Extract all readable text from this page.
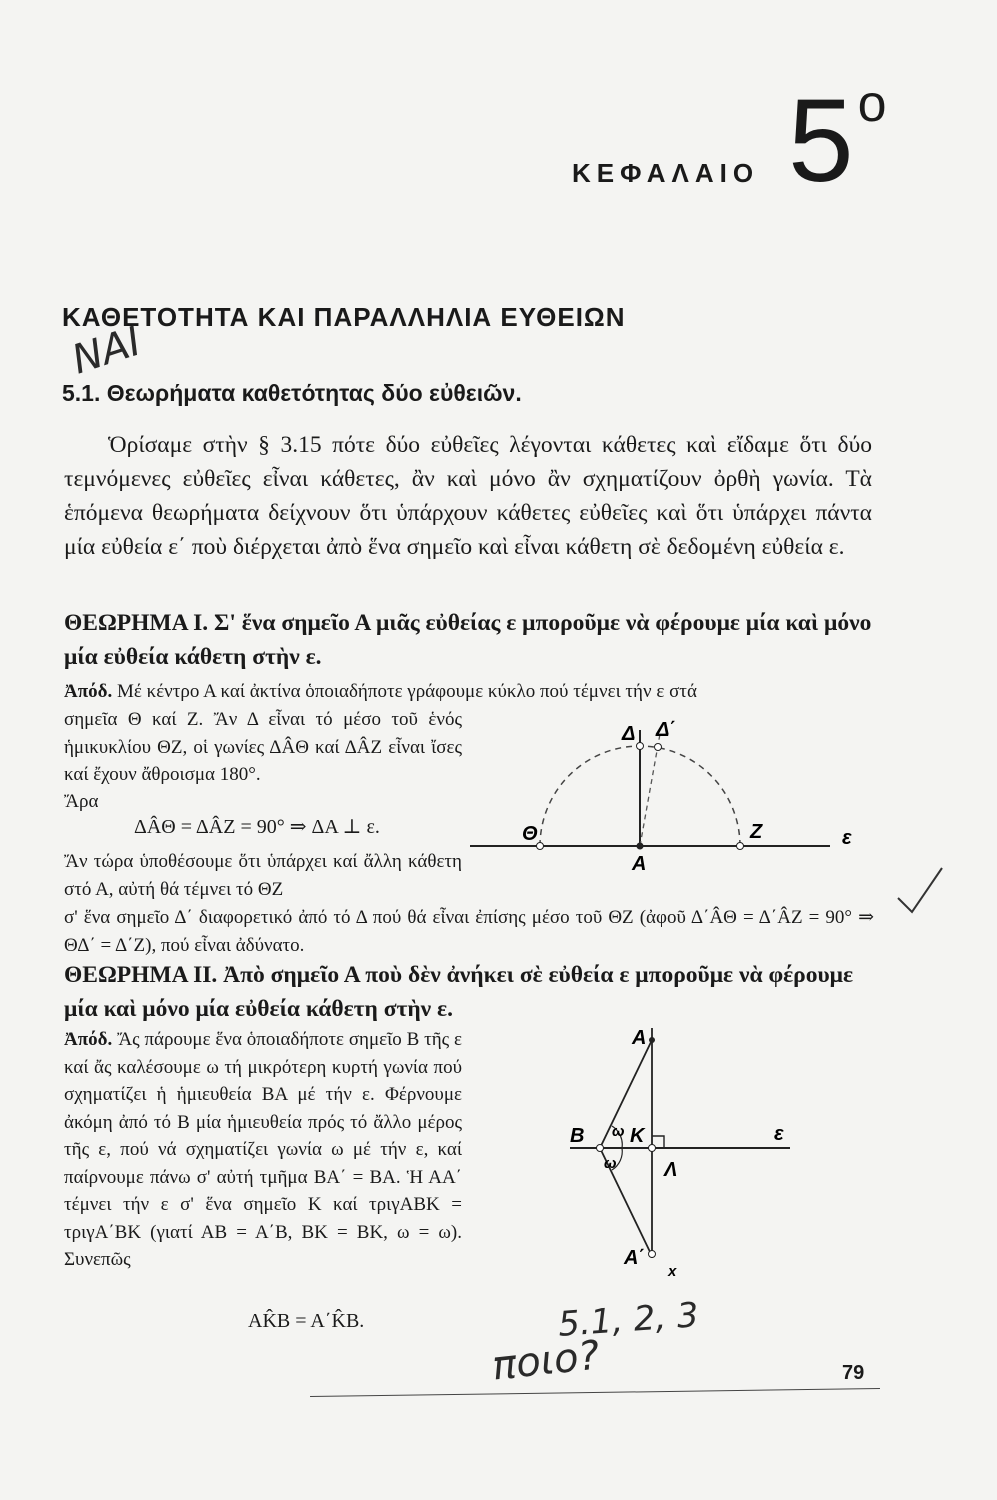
ΚΕΦΑΛΑΙΟ $5^o$
ΚΑΘΕΤΟΤΗΤΑ ΚΑΙ ΠΑΡΑΛΛΗΛΙΑ ΕΥΘΕΙΩΝ
ΝΑΙ
5.1. Θεωρήματα καθετότητας δύο εὐθειῶν.
Ὁρίσαμε στὴν § 3.15 πότε δύο εὐθεῖες λέγονται κάθετες καὶ εἴδαμε ὅτι δύο τεμνόμενες εὐθεῖες εἶναι κάθετες, ἂν καὶ μόνο ἂν σχηματίζουν ὀρθὴ γωνία. Τὰ ἑπόμενα θεωρήματα δείχνουν ὅτι ὑπάρχουν κάθετες εὐθεῖες καὶ ὅτι ὑπάρχει πάντα μία εὐθεία ε΄ ποὺ διέρχεται ἀπὸ ἕνα σημεῖο καὶ εἶναι κάθετη σὲ δεδομένη εὐθεία ε.
ΘΕΩΡΗΜΑ Ι. Σ' ἕνα σημεῖο Α μιᾶς εὐθείας ε μποροῦμε νὰ φέρουμε μία καὶ μόνο μία εὐθεία κάθετη στὴν ε.
Ἀπόδ. Μέ κέντρο Α καί ἀκτίνα ὁποιαδήποτε γράφουμε κύκλο πού τέμνει τήν ε στά
σημεῖα Θ καί Ζ. Ἄν Δ εἶναι τό μέσο τοῦ ἑνός ἡμικυκλίου ΘΖ, οἱ γωνίες ΔÂΘ καί ΔÂZ εἶναι ἴσες καί ἔχουν ἄθροισμα 180°.
Ἄρα
ΔÂΘ = ΔÂZ = 90° ⇒ ΔΑ ⊥ ε.
Ἄν τώρα ὑποθέσουμε ὅτι ὑπάρχει καί ἄλλη κάθετη στό Α, αὐτή θά τέμνει τό ΘZ
σ' ἕνα σημεῖο Δ΄ διαφορετικό ἀπό τό Δ πού θά εἶναι ἐπίσης μέσο τοῦ ΘZ (ἀφοῦ Δ΄ÂΘ = Δ΄ÂZ = 90° ⇒ ΘΔ΄ = Δ΄Z), πού εἶναι ἀδύνατο.
Δ Δ΄
Θ	Z
A
ε
ΘΕΩΡΗΜΑ ΙΙ. Ἀπὸ σημεῖο Α ποὺ δὲν ἀνήκει σὲ εὐθεία ε μποροῦμε νὰ φέρουμε μία καὶ μόνο μία εὐθεία κάθετη στὴν ε.
Ἀπόδ. Ἄς πάρουμε ἕνα ὁποιαδήποτε σημεῖο Β τῆς ε καί ἄς καλέσουμε ω τή μικρότερη κυρτή γωνία πού σχηματίζει ἡ ἡμιευθεία ΒΑ μέ τήν ε. Φέρνουμε ἀκόμη ἀπό τό Β μία ἡμιευθεία πρός τό ἄλλο μέρος τῆς ε, πού νά σχηματίζει γωνία ω μέ τήν ε, καί παίρνουμε πάνω σ' αὐτή τμῆμα ΒΑ΄ = ΒΑ. Ἡ ΑΑ΄ τέμνει τήν ε σ' ἕνα σημεῖο Κ καί τριγΑΒΚ = τριγΑ΄ΒΚ (γιατί ΑΒ = Α΄Β, ΒΚ = ΒΚ, ω = ω). Συνεπῶς
AK̂B = A΄K̂B.
A
B K
Λ
ε
A΄
ω
ω
x
5.1, 2, 3
ποιο?	79
